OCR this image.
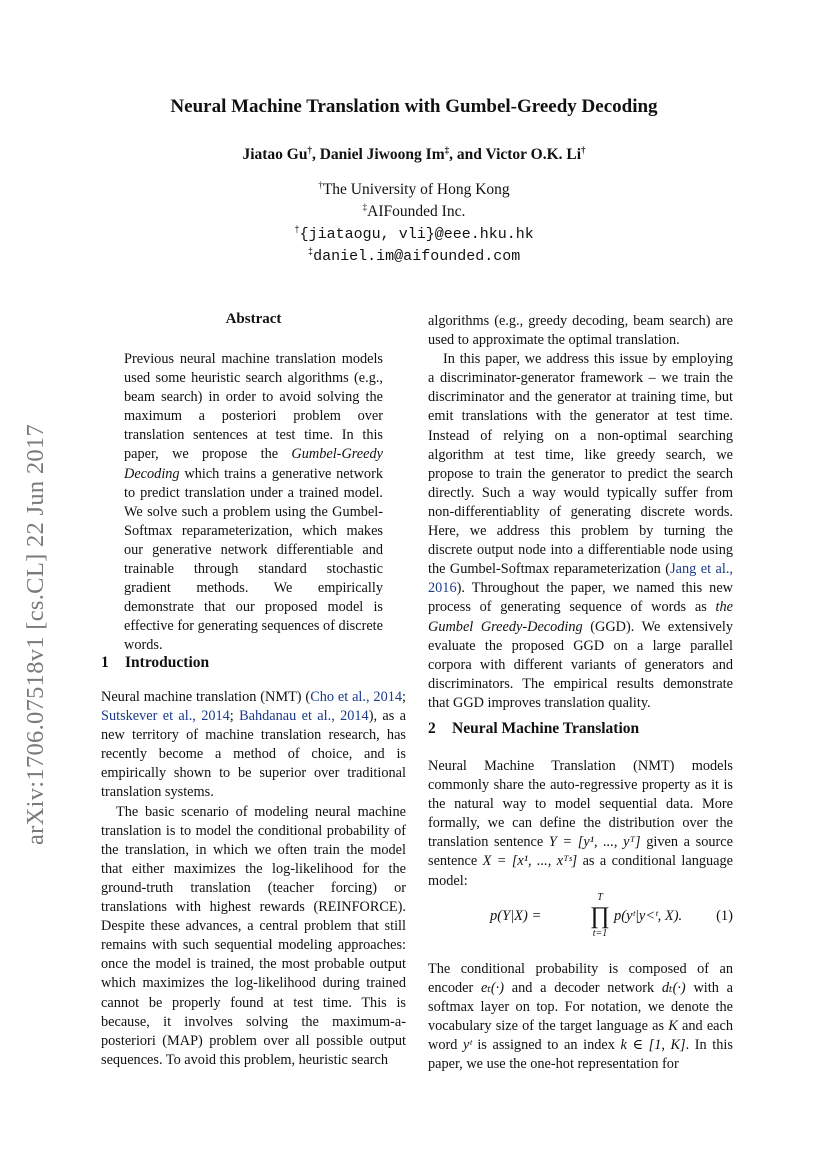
arXiv:1706.07518v1 [cs.CL] 22 Jun 2017
Neural Machine Translation with Gumbel-Greedy Decoding
Jiatao Gu†, Daniel Jiwoong Im‡, and Victor O.K. Li†
†The University of Hong Kong
‡AIFounded Inc.
†{jiataogu, vli}@eee.hku.hk
‡daniel.im@aifounded.com
Abstract
Previous neural machine translation models used some heuristic search algorithms (e.g., beam search) in order to avoid solving the maximum a posteriori problem over translation sentences at test time. In this paper, we propose the Gumbel-Greedy Decoding which trains a generative network to predict translation under a trained model. We solve such a problem using the Gumbel-Softmax reparameterization, which makes our generative network differentiable and trainable through standard stochastic gradient methods. We empirically demonstrate that our proposed model is effective for generating sequences of discrete words.
1 Introduction

Neural machine translation (NMT) (Cho et al., 2014; Sutskever et al., 2014; Bahdanau et al., 2014), as a new territory of machine translation research, has recently become a method of choice, and is empirically shown to be superior over traditional translation systems.

The basic scenario of modeling neural machine translation is to model the conditional probability of the translation, in which we often train the model that either maximizes the log-likelihood for the ground-truth translation (teacher forcing) or translations with highest rewards (REINFORCE). Despite these advances, a central problem that still remains with such sequential modeling approaches: once the model is trained, the most probable output which maximizes the log-likelihood during trained cannot be properly found at test time. This is because, it involves solving the maximum-a-posteriori (MAP) problem over all possible output sequences. To avoid this problem, heuristic search

algorithms (e.g., greedy decoding, beam search) are used to approximate the optimal translation.

In this paper, we address this issue by employing a discriminator-generator framework – we train the discriminator and the generator at training time, but emit translations with the generator at test time. Instead of relying on a non-optimal searching algorithm at test time, like greedy search, we propose to train the generator to predict the search directly. Such a way would typically suffer from non-differentiablity of generating discrete words. Here, we address this problem by turning the discrete output node into a differentiable node using the Gumbel-Softmax reparameterization (Jang et al., 2016). Throughout the paper, we named this new process of generating sequence of words as the Gumbel Greedy-Decoding (GGD). We extensively evaluate the proposed GGD on a large parallel corpora with different variants of generators and discriminators. The empirical results demonstrate that GGD improves translation quality.

2 Neural Machine Translation

Neural Machine Translation (NMT) models commonly share the auto-regressive property as it is the natural way to model sequential data. More formally, we can define the distribution over the translation sentence Y = [y¹, ..., yᵀ] given a source sentence X = [x¹, ..., xᵀˢ] as a conditional language model:

p(Y|X) =
T
∏
t=1
p(yᵗ|y<ᵗ, X). (1)

The conditional probability is composed of an encoder eₜ(·) and a decoder network dₜ(·) with a softmax layer on top. For notation, we denote the vocabulary size of the target language as K and each word yᵗ is assigned to an index k ∈ [1, K]. In this paper, we use the one-hot representation for
